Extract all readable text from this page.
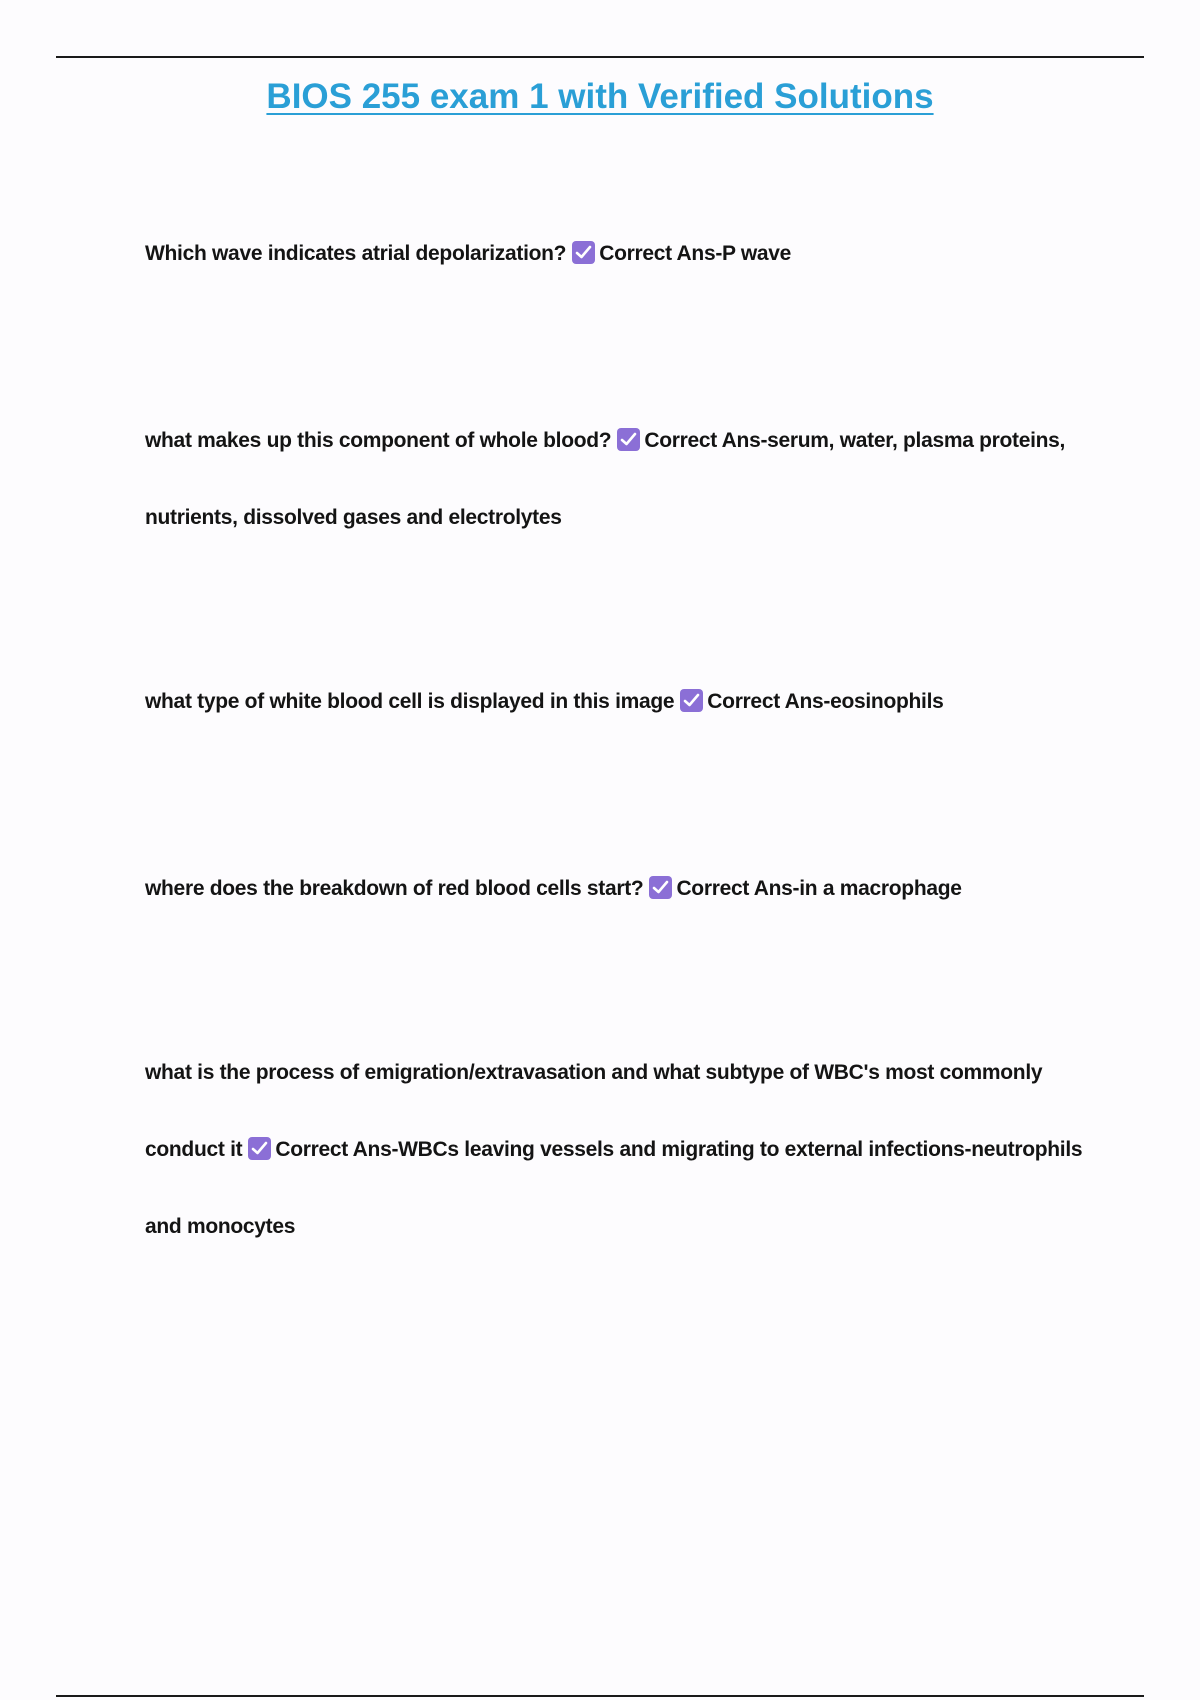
BIOS 255 exam 1 with Verified Solutions

Which wave indicates atrial depolarization? Correct Ans-P wave

what makes up this component of whole blood? Correct Ans-serum, water, plasma proteins, nutrients, dissolved gases and electrolytes

what type of white blood cell is displayed in this image Correct Ans-eosinophils

where does the breakdown of red blood cells start? Correct Ans-in a macrophage

what is the process of emigration/extravasation and what subtype of WBC's most commonly conduct it Correct Ans-WBCs leaving vessels and migrating to external infections-neutrophils and monocytes
